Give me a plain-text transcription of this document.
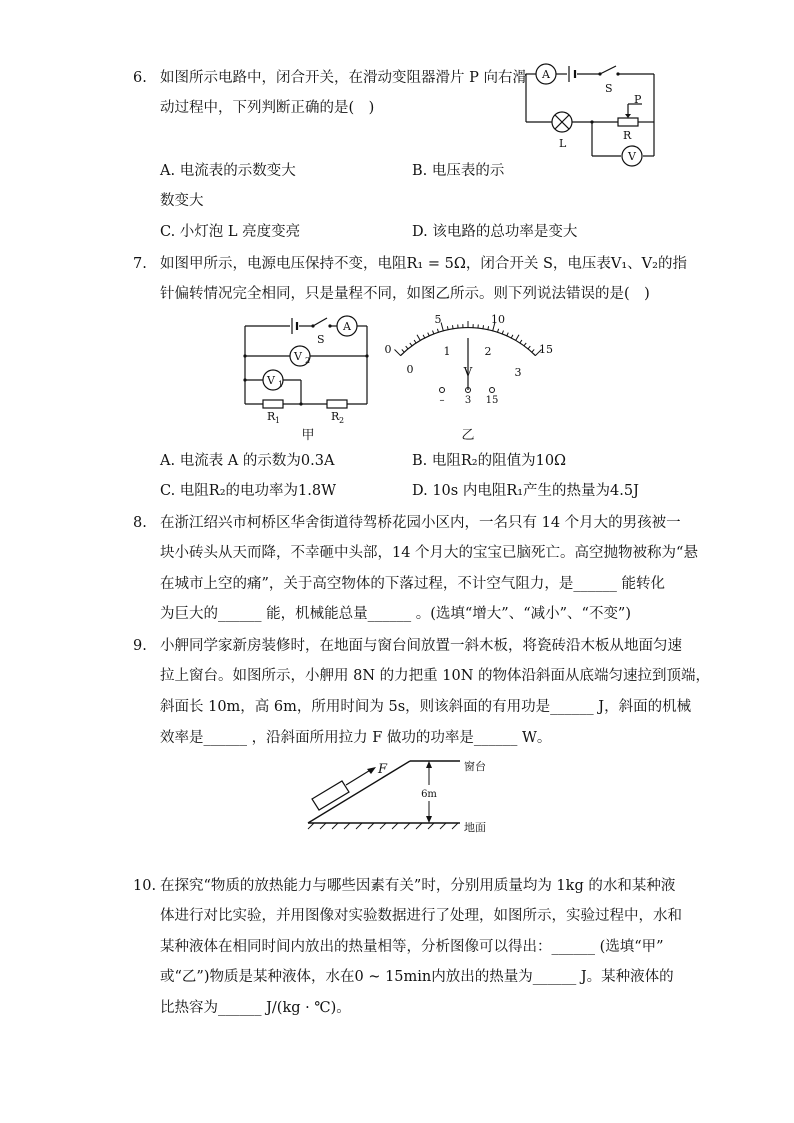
6. 如图所示电路中，闭合开关，在滑动变阻器滑片 P 向右滑
动过程中，下列判断正确的是(　)
A
S
L
P
R
V
A. 电流表的示数变大	B. 电压表的示
数变大
C. 小灯泡 L 亮度变亮	D. 该电路的总功率是变大
7. 如图甲所示，电源电压保持不变，电阻R₁ = 5Ω，闭合开关 S，电压表V₁、V₂的指
针偏转情况完全相同，只是量程不同，如图乙所示。则下列说法错误的是(　)
S
A
V 2
V 1
R 1	R 2
甲
0
5	10
15
0
1	2
3
V
– 3 15
乙
A. 电流表 A 的示数为0.3A	B. 电阻R₂的阻值为10Ω
C. 电阻R₂的电功率为1.8W	D. 10s 内电阻R₁产生的热量为4.5J
8. 在浙江绍兴市柯桥区华舍街道待驾桥花园小区内，一名只有 14 个月大的男孩被一
块小砖头从天而降，不幸砸中头部，14 个月大的宝宝已脑死亡。高空抛物被称为“悬
在城市上空的痛”，关于高空物体的下落过程，不计空气阻力，是______ 能转化
为巨大的______ 能，机械能总量______ 。(选填“增大”、“减小”、“不变”)
9. 小舺同学家新房装修时，在地面与窗台间放置一斜木板，将瓷砖沿木板从地面匀速
拉上窗台。如图所示，小舺用 8N 的力把重 10N 的物体沿斜面从底端匀速拉到顶端，
斜面长 10m，高 6m，所用时间为 5s，则该斜面的有用功是______ J，斜面的机械
效率是______ ，沿斜面所用拉力 F 做功的功率是______ W。
F
6m
窗台
地面
10. 在探究“物质的放热能力与哪些因素有关”时，分别用质量均为 1kg 的水和某种液
体进行对比实验，并用图像对实验数据进行了处理，如图所示，实验过程中，水和
某种液体在相同时间内放出的热量相等，分析图像可以得出：______ (选填“甲”
或“乙”)物质是某种液体，水在0 ~ 15min内放出的热量为______ J。某种液体的
比热容为______ J/(kg · ℃)。
